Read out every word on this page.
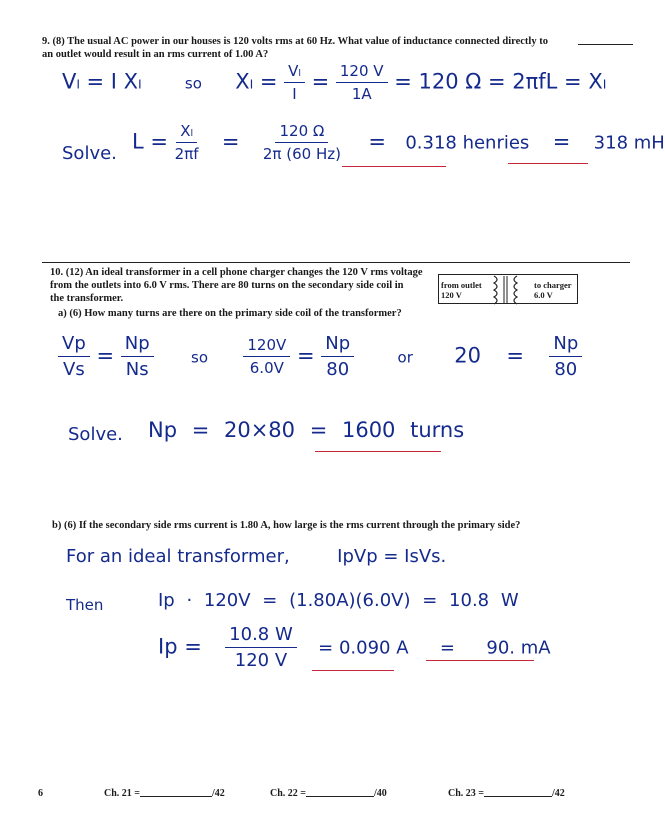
9. (8) The usual AC power in our houses is 120 volts rms at 60 Hz. What value of inductance connected directly to
an outlet would result in an rms current of 1.00 A?
Vₗ = I Xₗ	so $X_l = \frac{\text{Vₗ}}{I} = \frac{120 V}{1A} = 120$ Ω = 2πfL = Xₗ
Solve. $L = \frac{\text{Xₗ}}{2\pi f} = \frac{120 \Omega}{2\pi (60 Hz)} = 0.318$ henries = 318 mH
10. (12) An ideal transformer in a cell phone charger changes the 120 V rms voltage
from the outlets into 6.0 V rms. There are 80 turns on the secondary side coil in
the transformer.
a) (6) How many turns are there on the primary side coil of the transformer?
from outlet
120 V
to charger
6.0 V
$\frac{Vp}{Vs} = \frac{Np}{Ns}$ so $\frac{120V}{6.0V} = \frac{Np}{80}$	or $20 = \frac{Np}{80}$
Solve. Np = 20×80 = 1600 turns
b) (6) If the secondary side rms current is 1.80 A, how large is the rms current through the primary side?
For an ideal transformer,	IpVp = IsVs.
Then	Ip · 120V = (1.80A)(6.0V) = 10.8 W
$Ip = \frac{10.8 W}{120 V} = 0.090$ A = 90. mA
6	Ch. 21 =	/42	Ch. 22 =	/40	Ch. 23 =	/42
